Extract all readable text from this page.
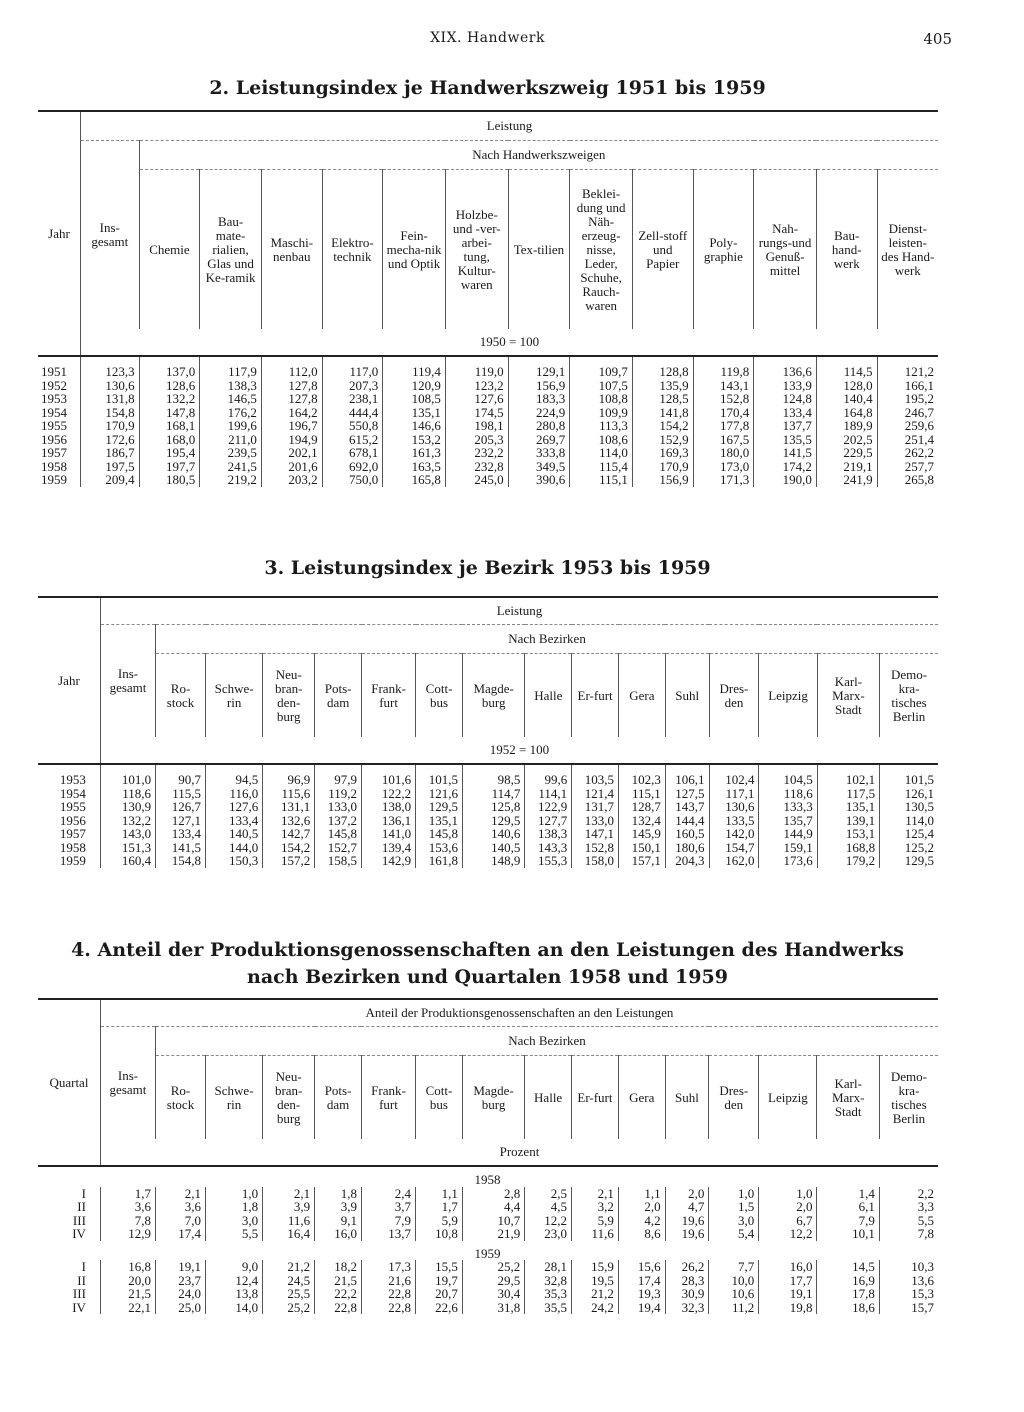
XIX. Handwerk	405
2. Leistungsindex je Handwerkszweig 1951 bis 1959
Jahr	Leistung													
	Ins-gesamt	Nach Handwerkszweigen												
		Chemie	Bau-mate-rialien, Glas und Ke-ramik	Maschi-nenbau	Elektro-technik	Fein-mecha-nik und Optik	Holzbe-und -ver-arbei-tung, Kultur-waren	Tex-tilien	Beklei-dung und Näh-erzeug-nisse, Leder, Schuhe, Rauch-waren	Zell-stoff und Papier	Poly-graphie	Nah-rungs-und Genuß-mittel	Bau-hand-werk	Dienst-leisten-des Hand-werk
	1950 = 100													
1951	123,3	137,0	117,9	112,0	117,0	119,4	119,0	129,1	109,7	128,8	119,8	136,6	114,5	121,2
1952	130,6	128,6	138,3	127,8	207,3	120,9	123,2	156,9	107,5	135,9	143,1	133,9	128,0	166,1
1953	131,8	132,2	146,5	127,8	238,1	108,5	127,6	183,3	108,8	128,5	152,8	124,8	140,4	195,2
1954	154,8	147,8	176,2	164,2	444,4	135,1	174,5	224,9	109,9	141,8	170,4	133,4	164,8	246,7
1955	170,9	168,1	199,6	196,7	550,8	146,6	198,1	280,8	113,3	154,2	177,8	137,7	189,9	259,6
1956	172,6	168,0	211,0	194,9	615,2	153,2	205,3	269,7	108,6	152,9	167,5	135,5	202,5	251,4
1957	186,7	195,4	239,5	202,1	678,1	161,3	232,2	333,8	114,0	169,3	180,0	141,5	229,5	262,2
1958	197,5	197,7	241,5	201,6	692,0	163,5	232,8	349,5	115,4	170,9	173,0	174,2	219,1	257,7
1959	209,4	180,5	219,2	203,2	750,0	165,8	245,0	390,6	115,1	156,9	171,3	190,0	241,9	265,8
3. Leistungsindex je Bezirk 1953 bis 1959
Jahr	Leistung															
	Ins-gesamt	Nach Bezirken														
		Ro-stock	Schwe-rin	Neu-bran-den-burg	Pots-dam	Frank-furt	Cott-bus	Magde-burg	Halle	Er-furt	Gera	Suhl	Dres-den	Leipzig	Karl-Marx-Stadt	Demo-kra-tisches Berlin
	1952 = 100															
1953	101,0	90,7	94,5	96,9	97,9	101,6	101,5	98,5	99,6	103,5	102,3	106,1	102,4	104,5	102,1	101,5
1954	118,6	115,5	116,0	115,6	119,2	122,2	121,6	114,7	114,1	121,4	115,1	127,5	117,1	118,6	117,5	126,1
1955	130,9	126,7	127,6	131,1	133,0	138,0	129,5	125,8	122,9	131,7	128,7	143,7	130,6	133,3	135,1	130,5
1956	132,2	127,1	133,4	132,6	137,2	136,1	135,1	129,5	127,7	133,0	132,4	144,4	133,5	135,7	139,1	114,0
1957	143,0	133,4	140,5	142,7	145,8	141,0	145,8	140,6	138,3	147,1	145,9	160,5	142,0	144,9	153,1	125,4
1958	151,3	141,5	144,0	154,2	152,7	139,4	153,6	140,5	143,3	152,8	150,1	180,6	154,7	159,1	168,8	125,2
1959	160,4	154,8	150,3	157,2	158,5	142,9	161,8	148,9	155,3	158,0	157,1	204,3	162,0	173,6	179,2	129,5
4. Anteil der Produktionsgenossenschaften an den Leistungen des Handwerks
nach Bezirken und Quartalen 1958 und 1959
Quartal	Anteil der Produktionsgenossenschaften an den Leistungen															
	Ins-gesamt	Nach Bezirken														
		Ro-stock	Schwe-rin	Neu-bran-den-burg	Pots-dam	Frank-furt	Cott-bus	Magde-burg	Halle	Er-furt	Gera	Suhl	Dres-den	Leipzig	Karl-Marx-Stadt	Demo-kra-tisches Berlin
	Prozent															
1958																
I	1,7	2,1	1,0	2,1	1,8	2,4	1,1	2,8	2,5	2,1	1,1	2,0	1,0	1,0	1,4	2,2
II	3,6	3,6	1,8	3,9	3,9	3,7	1,7	4,4	4,5	3,2	2,0	4,7	1,5	2,0	6,1	3,3
III	7,8	7,0	3,0	11,6	9,1	7,9	5,9	10,7	12,2	5,9	4,2	19,6	3,0	6,7	7,9	5,5
IV	12,9	17,4	5,5	16,4	16,0	13,7	10,8	21,9	23,0	11,6	8,6	19,6	5,4	12,2	10,1	7,8
1959																
I	16,8	19,1	9,0	21,2	18,2	17,3	15,5	25,2	28,1	15,9	15,6	26,2	7,7	16,0	14,5	10,3
II	20,0	23,7	12,4	24,5	21,5	21,6	19,7	29,5	32,8	19,5	17,4	28,3	10,0	17,7	16,9	13,6
III	21,5	24,0	13,8	25,5	22,2	22,8	20,7	30,4	35,3	21,2	19,3	30,9	10,6	19,1	17,8	15,3
IV	22,1	25,0	14,0	25,2	22,8	22,8	22,6	31,8	35,5	24,2	19,4	32,3	11,2	19,8	18,6	15,7
